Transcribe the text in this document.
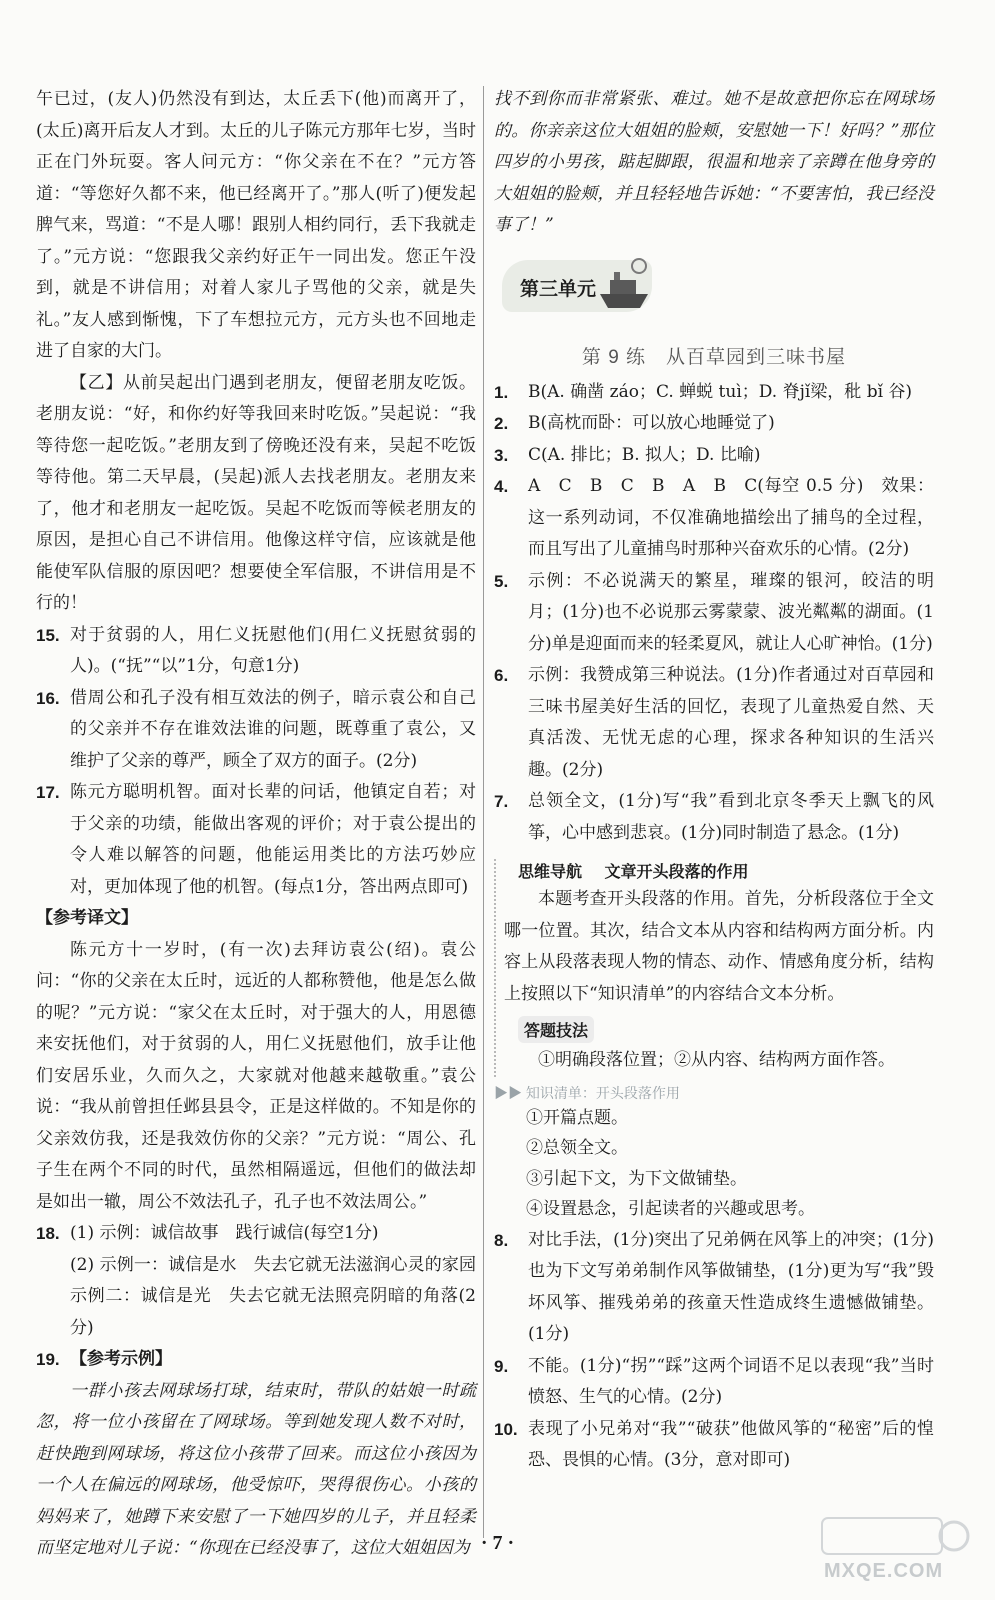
午已过，(友人)仍然没有到达，太丘丢下(他)而离开了，(太丘)离开后友人才到。太丘的儿子陈元方那年七岁，当时正在门外玩耍。客人问元方：“你父亲在不在？”元方答道：“等您好久都不来，他已经离开了。”那人(听了)便发起脾气来，骂道：“不是人哪！跟别人相约同行，丢下我就走了。”元方说：“您跟我父亲约好正午一同出发。您正午没到，就是不讲信用；对着人家儿子骂他的父亲，就是失礼。”友人感到惭愧，下了车想拉元方，元方头也不回地走进了自家的大门。

【乙】从前吴起出门遇到老朋友，便留老朋友吃饭。老朋友说：“好，和你约好等我回来时吃饭。”吴起说：“我等待您一起吃饭。”老朋友到了傍晚还没有来，吴起不吃饭等待他。第二天早晨，(吴起)派人去找老朋友。老朋友来了，他才和老朋友一起吃饭。吴起不吃饭而等候老朋友的原因，是担心自己不讲信用。他像这样守信，应该就是他能使军队信服的原因吧？想要使全军信服，不讲信用是不行的！

15. 对于贫弱的人，用仁义抚慰他们(用仁义抚慰贫弱的人)。(“抚”“以”1分，句意1分)
16. 借周公和孔子没有相互效法的例子，暗示袁公和自己的父亲并不存在谁效法谁的问题，既尊重了袁公，又维护了父亲的尊严，顾全了双方的面子。(2分)
17. 陈元方聪明机智。面对长辈的问话，他镇定自若；对于父亲的功绩，能做出客观的评价；对于袁公提出的令人难以解答的问题，他能运用类比的方法巧妙应对，更加体现了他的机智。(每点1分，答出两点即可)

【参考译文】

陈元方十一岁时，(有一次)去拜访袁公(绍)。袁公问：“你的父亲在太丘时，远近的人都称赞他，他是怎么做的呢？”元方说：“家父在太丘时，对于强大的人，用恩德来安抚他们，对于贫弱的人，用仁义抚慰他们，放手让他们安居乐业，久而久之，大家就对他越来越敬重。”袁公说：“我从前曾担任邺县县令，正是这样做的。不知是你的父亲效仿我，还是我效仿你的父亲？”元方说：“周公、孔子生在两个不同的时代，虽然相隔遥远，但他们的做法却是如出一辙，周公不效法孔子，孔子也不效法周公。”

18. (1) 示例：诚信故事　践行诚信(每空1分)

(2) 示例一：诚信是水　失去它就无法滋润心灵的家园　示例二：诚信是光　失去它就无法照亮阴暗的角落(2分)

19. 【参考示例】

一群小孩去网球场打球，结束时，带队的姑娘一时疏忽，将一位小孩留在了网球场。等到她发现人数不对时，赶快跑到网球场，将这位小孩带了回来。而这位小孩因为一个人在偏远的网球场，他受惊吓，哭得很伤心。小孩的妈妈来了，她蹲下来安慰了一下她四岁的儿子，并且轻柔而坚定地对儿子说：“你现在已经没事了，这位大姐姐因为

找不到你而非常紧张、难过。她不是故意把你忘在网球场的。你亲亲这位大姐姐的脸颊，安慰她一下！好吗？”那位四岁的小男孩，踮起脚跟，很温和地亲了亲蹲在他身旁的大姐姐的脸颊，并且轻轻地告诉她：“不要害怕，我已经没事了！”

第三单元
第 9 练　从百草园到三味书屋
1. B(A. 确凿 záo；C. 蝉蜕 tuì；D. 脊jǐ梁，秕 bǐ 谷)
2. B(高枕而卧：可以放心地睡觉了)
3. C(A. 排比；B. 拟人；D. 比喻)
4. A　C　B　C　B　A　B　C(每空 0.5 分)　效果：这一系列动词，不仅准确地描绘出了捕鸟的全过程，而且写出了儿童捕鸟时那种兴奋欢乐的心情。(2分)
5. 示例：不必说满天的繁星，璀璨的银河，皎洁的明月；(1分)也不必说那云雾蒙蒙、波光粼粼的湖面。(1分)单是迎面而来的轻柔夏风，就让人心旷神怡。(1分)
6. 示例：我赞成第三种说法。(1分)作者通过对百草园和三味书屋美好生活的回忆，表现了儿童热爱自然、天真活泼、无忧无虑的心理，探求各种知识的生活兴趣。(2分)
7. 总领全文，(1分)写“我”看到北京冬季天上飘飞的风筝，心中感到悲哀。(1分)同时制造了悬念。(1分)
思维导航 文章开头段落的作用

本题考查开头段落的作用。首先，分析段落位于全文哪一位置。其次，结合文本从内容和结构两方面分析。内容上从段落表现人物的情态、动作、情感角度分析，结构上按照以下“知识清单”的内容结合文本分析。

答题技法

①明确段落位置；②从内容、结构两方面作答。

▶▶ 知识清单：开头段落作用

①开篇点题。

②总领全文。

③引起下文，为下文做铺垫。

④设置悬念，引起读者的兴趣或思考。

8. 对比手法，(1分)突出了兄弟俩在风筝上的冲突；(1分)也为下文写弟弟制作风筝做铺垫，(1分)更为写“我”毁坏风筝、摧残弟弟的孩童天性造成终生遗憾做铺垫。(1分)
9. 不能。(1分)“拐”“踩”这两个词语不足以表现“我”当时愤怒、生气的心情。(2分)
10. 表现了小兄弟对“我”“破获”他做风筝的“秘密”后的惶恐、畏惧的心情。(3分，意对即可)
· 7 ·
MXQE.COM
